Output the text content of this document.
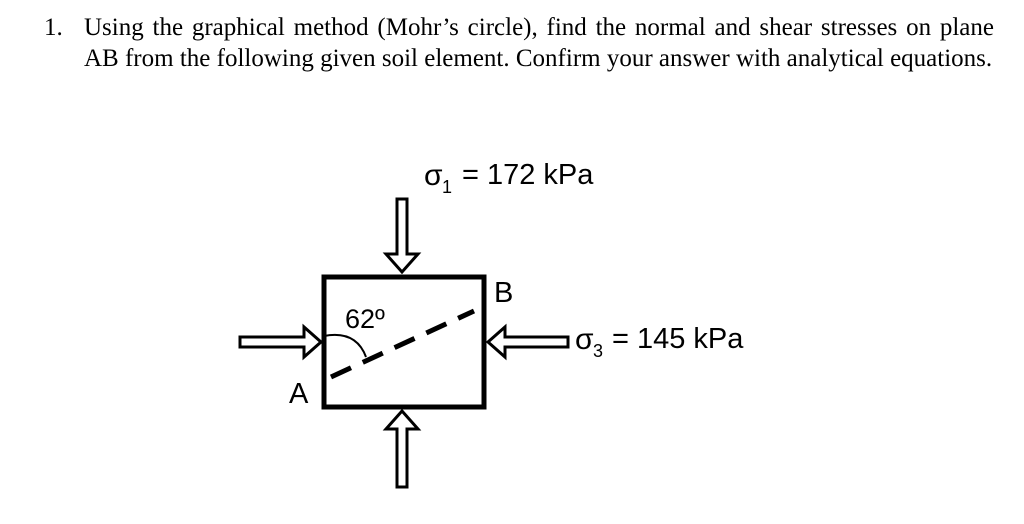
1. Using the graphical method (Mohr’s circle), find the normal and shear stresses on plane AB from the following given soil element. Confirm your answer with analytical equations.
62º
A
B
σ 1 = 172 kPa
σ 3 = 145 kPa
